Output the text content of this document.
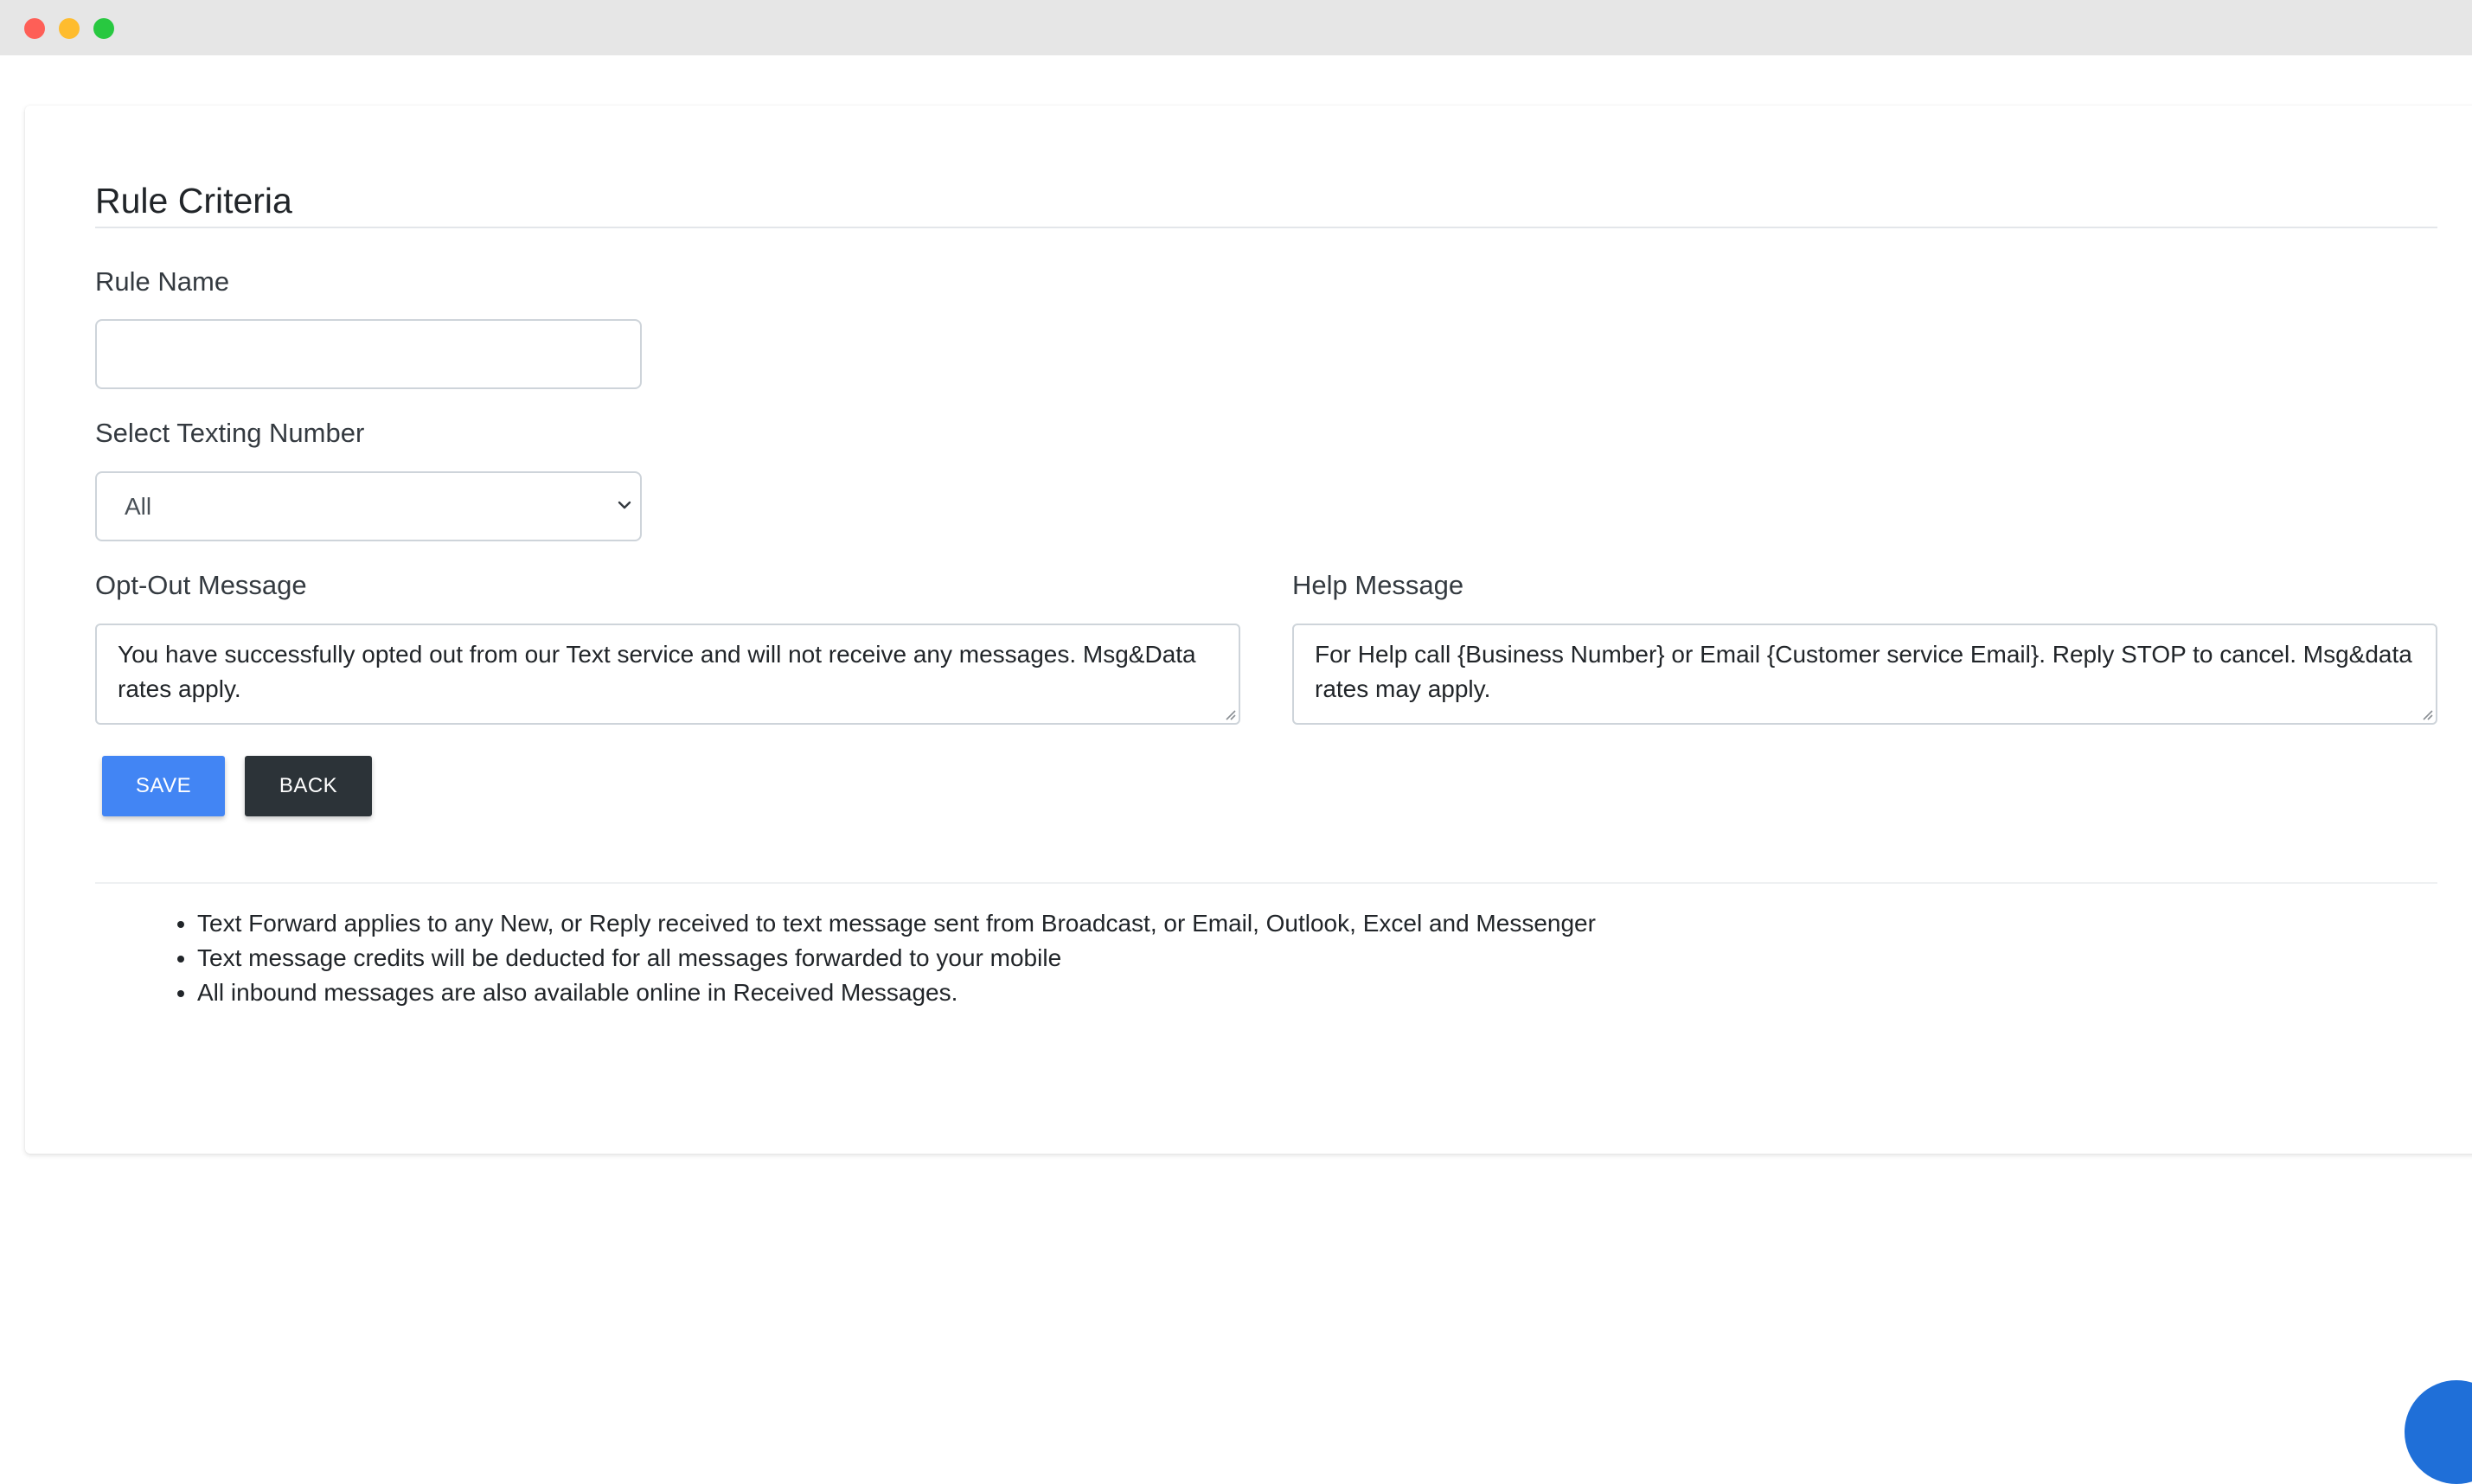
Rule Criteria
Rule Name
Select Texting Number
All
Opt-Out Message
You have successfully opted out from our Text service and will not receive any messages. Msg&Data rates apply.
Help Message
For Help call {Business Number} or Email {Customer service Email}. Reply STOP to cancel. Msg&data rates may apply.
SAVE	BACK
• Text Forward applies to any New, or Reply received to text message sent from Broadcast, or Email, Outlook, Excel and Messenger
• Text message credits will be deducted for all messages forwarded to your mobile
• All inbound messages are also available online in Received Messages.
